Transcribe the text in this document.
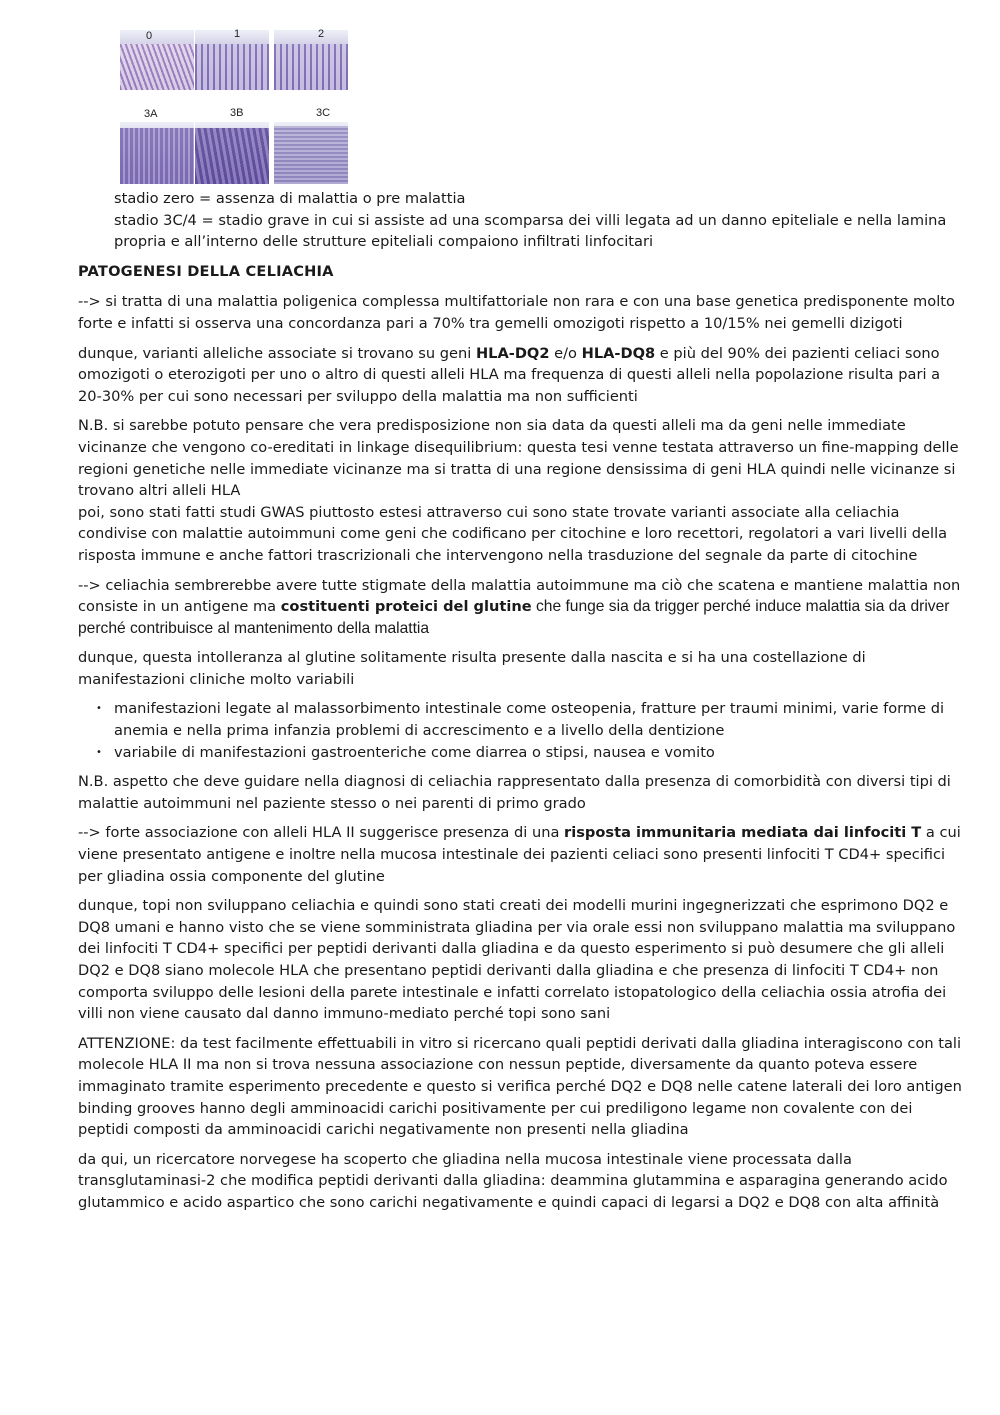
0	1	2
3A	3B	3C

stadio zero = assenza di malattia o pre malattia

stadio 3C/4 = stadio grave in cui si assiste ad una scomparsa dei villi legata ad un danno epiteliale e nella lamina propria e all’interno delle strutture epiteliali compaiono infiltrati linfocitari

PATOGENESI DELLA CELIACHIA

--> si tratta di una malattia poligenica complessa multifattoriale non rara e con una base genetica predisponente molto forte e infatti si osserva una concordanza pari a 70% tra gemelli omozigoti rispetto a 10/15% nei gemelli dizigoti

dunque, varianti alleliche associate si trovano su geni HLA-DQ2 e/o HLA-DQ8 e più del 90% dei pazienti celiaci sono omozigoti o eterozigoti per uno o altro di questi alleli HLA ma frequenza di questi alleli nella popolazione risulta pari a 20-30% per cui sono necessari per sviluppo della malattia ma non sufficienti

N.B. si sarebbe potuto pensare che vera predisposizione non sia data da questi alleli ma da geni nelle immediate vicinanze che vengono co-ereditati in linkage disequilibrium: questa tesi venne testata attraverso un fine-mapping delle regioni genetiche nelle immediate vicinanze ma si tratta di una regione densissima di geni HLA quindi nelle vicinanze si trovano altri alleli HLA

poi, sono stati fatti studi GWAS piuttosto estesi attraverso cui sono state trovate varianti associate alla celiachia condivise con malattie autoimmuni come geni che codificano per citochine e loro recettori, regolatori a vari livelli della risposta immune e anche fattori trascrizionali che intervengono nella trasduzione del segnale da parte di citochine

--> celiachia sembrerebbe avere tutte stigmate della malattia autoimmune ma ciò che scatena e mantiene malattia non consiste in un antigene ma costituenti proteici del glutine che funge sia da trigger perché induce malattia sia da driver perché contribuisce al mantenimento della malattia

dunque, questa intolleranza al glutine solitamente risulta presente dalla nascita e si ha una costellazione di manifestazioni cliniche molto variabili

• manifestazioni legate al malassorbimento intestinale come osteopenia, fratture per traumi minimi, varie forme di anemia e nella prima infanzia problemi di accrescimento e a livello della dentizione
• variabile di manifestazioni gastroenteriche come diarrea o stipsi, nausea e vomito

N.B. aspetto che deve guidare nella diagnosi di celiachia rappresentato dalla presenza di comorbidità con diversi tipi di malattie autoimmuni nel paziente stesso o nei parenti di primo grado

--> forte associazione con alleli HLA II suggerisce presenza di una risposta immunitaria mediata dai linfociti T a cui viene presentato antigene e inoltre nella mucosa intestinale dei pazienti celiaci sono presenti linfociti T CD4+ specifici per gliadina ossia componente del glutine

dunque, topi non sviluppano celiachia e quindi sono stati creati dei modelli murini ingegnerizzati che esprimono DQ2 e DQ8 umani e hanno visto che se viene somministrata gliadina per via orale essi non sviluppano malattia ma sviluppano dei linfociti T CD4+ specifici per peptidi derivanti dalla gliadina e da questo esperimento si può desumere che gli alleli DQ2 e DQ8 siano molecole HLA che presentano peptidi derivanti dalla gliadina e che presenza di linfociti T CD4+ non comporta sviluppo delle lesioni della parete intestinale e infatti correlato istopatologico della celiachia ossia atrofia dei villi non viene causato dal danno immuno-mediato perché topi sono sani

ATTENZIONE: da test facilmente effettuabili in vitro si ricercano quali peptidi derivati dalla gliadina interagiscono con tali molecole HLA II ma non si trova nessuna associazione con nessun peptide, diversamente da quanto poteva essere immaginato tramite esperimento precedente e questo si verifica perché DQ2 e DQ8 nelle catene laterali dei loro antigen binding grooves hanno degli amminoacidi carichi positivamente per cui prediligono legame non covalente con dei peptidi composti da amminoacidi carichi negativamente non presenti nella gliadina

da qui, un ricercatore norvegese ha scoperto che gliadina nella mucosa intestinale viene processata dalla transglutaminasi-2 che modifica peptidi derivanti dalla gliadina: deammina glutammina e asparagina generando acido glutammico e acido aspartico che sono carichi negativamente e quindi capaci di legarsi a DQ2 e DQ8 con alta affinità
